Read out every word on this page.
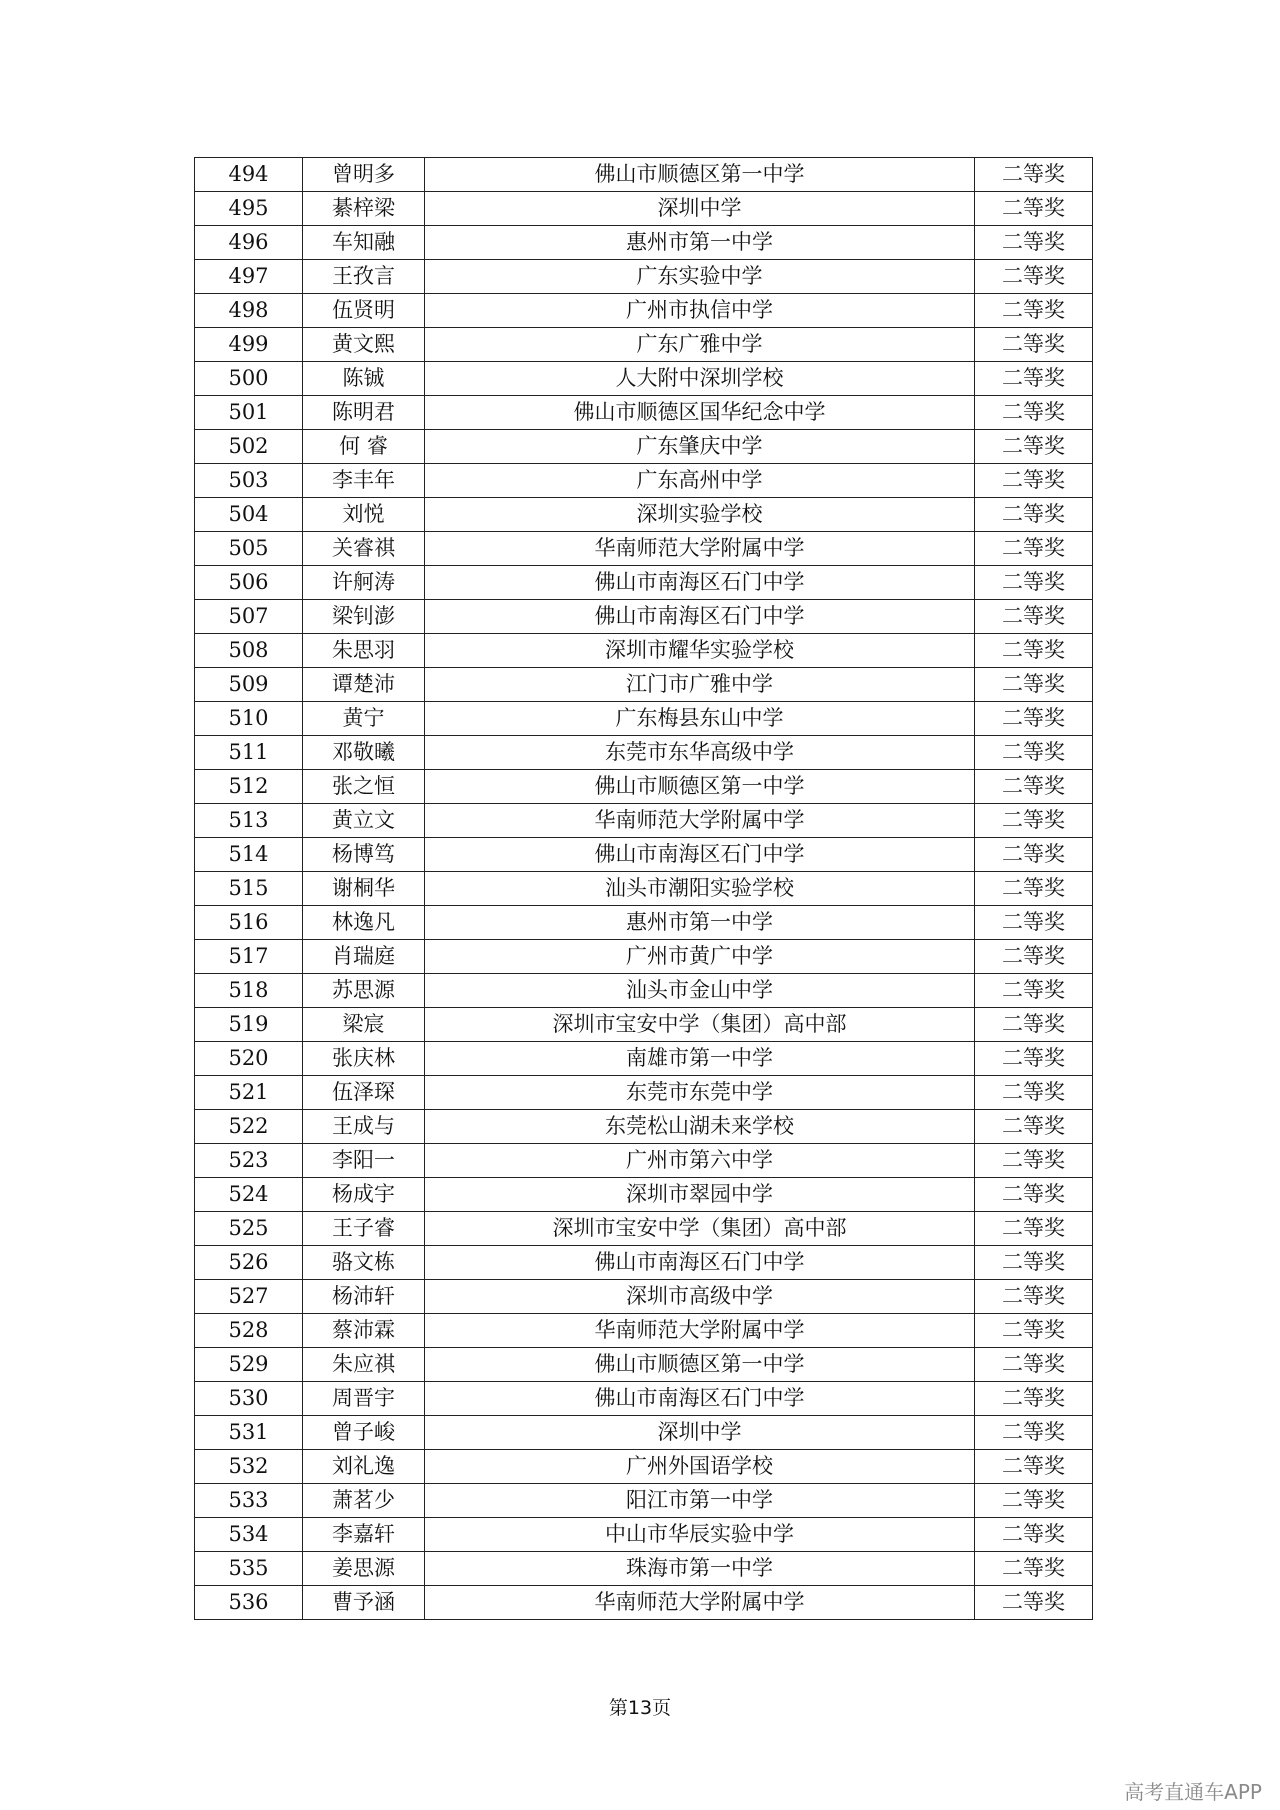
494	曾明多	佛山市顺德区第一中学	二等奖
495	綦梓梁	深圳中学	二等奖
496	车知融	惠州市第一中学	二等奖
497	王孜言	广东实验中学	二等奖
498	伍贤明	广州市执信中学	二等奖
499	黄文熙	广东广雅中学	二等奖
500	陈铖	人大附中深圳学校	二等奖
501	陈明君	佛山市顺德区国华纪念中学	二等奖
502	何 睿	广东肇庆中学	二等奖
503	李丰年	广东高州中学	二等奖
504	刘悦	深圳实验学校	二等奖
505	关睿祺	华南师范大学附属中学	二等奖
506	许舸涛	佛山市南海区石门中学	二等奖
507	梁钊澎	佛山市南海区石门中学	二等奖
508	朱思羽	深圳市耀华实验学校	二等奖
509	谭楚沛	江门市广雅中学	二等奖
510	黄宁	广东梅县东山中学	二等奖
511	邓敬曦	东莞市东华高级中学	二等奖
512	张之恒	佛山市顺德区第一中学	二等奖
513	黄立文	华南师范大学附属中学	二等奖
514	杨博笃	佛山市南海区石门中学	二等奖
515	谢桐华	汕头市潮阳实验学校	二等奖
516	林逸凡	惠州市第一中学	二等奖
517	肖瑞庭	广州市黄广中学	二等奖
518	苏思源	汕头市金山中学	二等奖
519	梁宸	深圳市宝安中学（集团）高中部	二等奖
520	张庆林	南雄市第一中学	二等奖
521	伍泽琛	东莞市东莞中学	二等奖
522	王成与	东莞松山湖未来学校	二等奖
523	李阳一	广州市第六中学	二等奖
524	杨成宇	深圳市翠园中学	二等奖
525	王子睿	深圳市宝安中学（集团）高中部	二等奖
526	骆文栋	佛山市南海区石门中学	二等奖
527	杨沛轩	深圳市高级中学	二等奖
528	蔡沛霖	华南师范大学附属中学	二等奖
529	朱应祺	佛山市顺德区第一中学	二等奖
530	周晋宇	佛山市南海区石门中学	二等奖
531	曾子峻	深圳中学	二等奖
532	刘礼逸	广州外国语学校	二等奖
533	萧茗少	阳江市第一中学	二等奖
534	李嘉轩	中山市华辰实验中学	二等奖
535	姜思源	珠海市第一中学	二等奖
536	曹予涵	华南师范大学附属中学	二等奖
第13页
高考直通车APP
